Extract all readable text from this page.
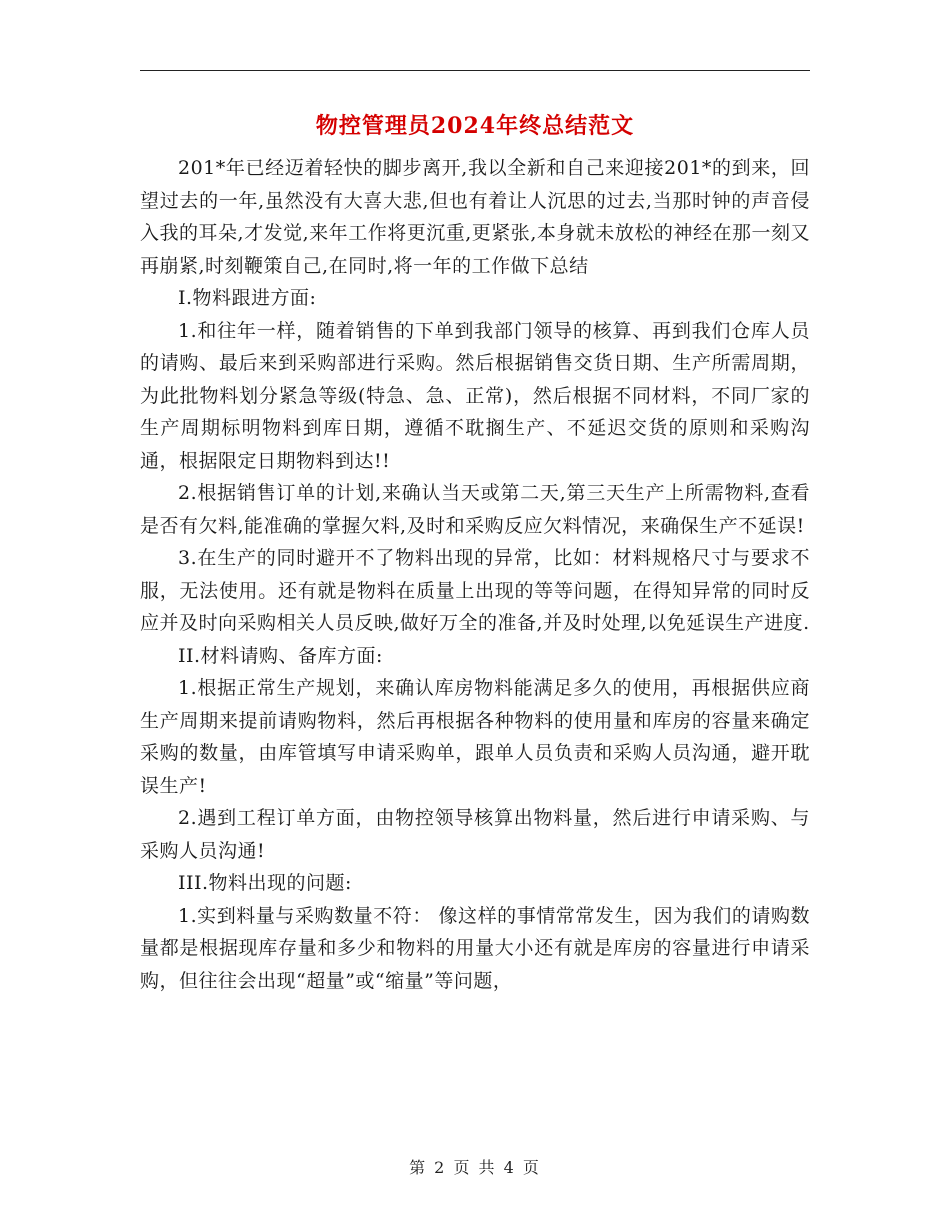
物控管理员2024年终总结范文

201*年已经迈着轻快的脚步离开,我以全新和自己来迎接201*的到来，回望过去的一年,虽然没有大喜大悲,但也有着让人沉思的过去,当那时钟的声音侵入我的耳朵,才发觉,来年工作将更沉重,更紧张,本身就未放松的神经在那一刻又再崩紧,时刻鞭策自己,在同时,将一年的工作做下总结

I.物料跟进方面:

1.和往年一样，随着销售的下单到我部门领导的核算、再到我们仓库人员的请购、最后来到采购部进行采购。然后根据销售交货日期、生产所需周期，为此批物料划分紧急等级(特急、急、正常)，然后根据不同材料，不同厂家的生产周期标明物料到库日期，遵循不耽搁生产、不延迟交货的原则和采购沟通，根据限定日期物料到达!!

2.根据销售订单的计划,来确认当天或第二天,第三天生产上所需物料,查看是否有欠料,能准确的掌握欠料,及时和采购反应欠料情况，来确保生产不延误!

3.在生产的同时避开不了物料出现的异常，比如：材料规格尺寸与要求不服，无法使用。还有就是物料在质量上出现的等等问题，在得知异常的同时反应并及时向采购相关人员反映,做好万全的准备,并及时处理,以免延误生产进度.

II.材料请购、备库方面:

1.根据正常生产规划，来确认库房物料能满足多久的使用，再根据供应商生产周期来提前请购物料，然后再根据各种物料的使用量和库房的容量来确定采购的数量，由库管填写申请采购单，跟单人员负责和采购人员沟通，避开耽误生产!

2.遇到工程订单方面，由物控领导核算出物料量，然后进行申请采购、与采购人员沟通!

III.物料出现的问题:

1.实到料量与采购数量不符： 像这样的事情常常发生，因为我们的请购数量都是根据现库存量和多少和物料的用量大小还有就是库房的容量进行申请采购，但往往会出现“超量”或“缩量”等问题，

第 2 页 共 4 页
